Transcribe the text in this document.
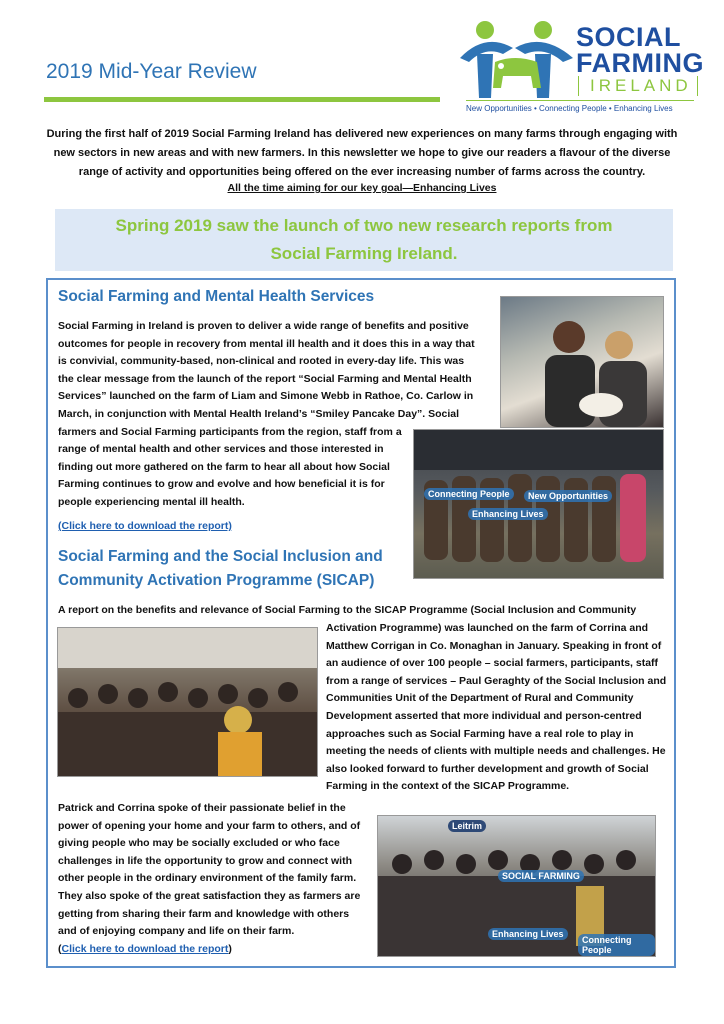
2019 Mid-Year Review
SOCIAL
FARMING
IRELAND
New Opportunities • Connecting People • Enhancing Lives
During the first half of 2019 Social Farming Ireland has delivered new experiences on many farms through engaging with new sectors in new areas and with new farmers. In this newsletter we hope to give our readers a flavour of the diverse range of activity and opportunities being offered on the ever increasing number of farms across the country.
All the time aiming for our key goal—Enhancing Lives
Spring 2019 saw the launch of two new research reports from
Social Farming Ireland.
Social Farming and Mental Health Services
Social Farming in Ireland is proven to deliver a wide range of benefits and positive outcomes for people in recovery from mental ill health and it does this in a way that is convivial, community-based, non-clinical and rooted in every-day life. This was the clear message from the launch of the report “Social Farming and Mental Health Services” launched on the farm of Liam and Simone Webb in Rathoe, Co. Carlow in March, in conjunction with Mental Health Ireland’s “Smiley Pancake Day”. Social
farmers and Social Farming participants from the region, staff from a range of mental health and other services and those interested in finding out more gathered on the farm to hear all about how Social Farming continues to grow and evolve and how beneficial it is for people experiencing mental ill health.
Connecting People
Enhancing Lives
New Opportunities
(Click here to download the report)
Social Farming and the Social Inclusion and
Community Activation Programme (SICAP)
A report on the benefits and relevance of Social Farming to the SICAP Programme (Social Inclusion and Community
Activation Programme) was launched on the farm of Corrina and Matthew Corrigan in Co. Monaghan in January. Speaking in front of an audience of over 100 people – social farmers, participants, staff from a range of services – Paul Geraghty of the Social Inclusion and Communities Unit of the Department of Rural and Community Development asserted that more individual and person-centred approaches such as Social Farming have a real role to play in meeting the needs of clients with multiple needs and challenges. He also looked forward to further development and growth of Social Farming in the context of the SICAP Programme.
Patrick and Corrina spoke of their passionate belief in the power of opening your home and your farm to others, and of giving people who may be socially excluded or who face challenges in life the opportunity to grow and connect with other people in the ordinary environment of the family farm. They also spoke of the great satisfaction they as farmers are getting from sharing their farm and knowledge with others and of enjoying company and life on their farm.
(Click here to download the report)
SOCIAL FARMING
Enhancing Lives
Connecting People
Leitrim
